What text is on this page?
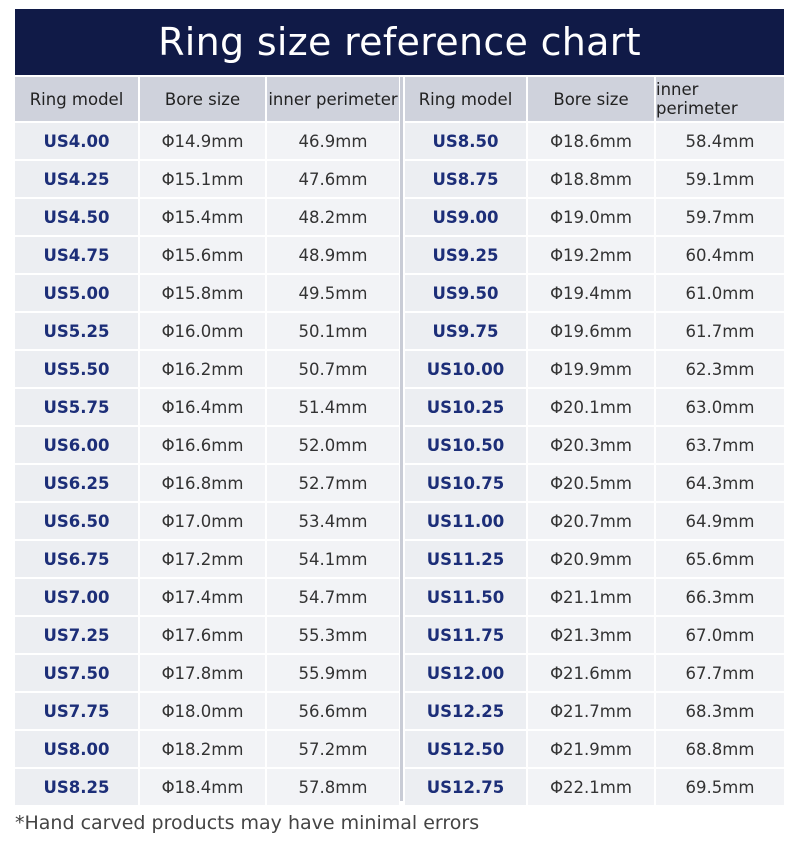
Ring size reference chart
Ring model	Bore size	inner perimeter
US4.00	Φ14.9mm	46.9mm
US4.25	Φ15.1mm	47.6mm
US4.50	Φ15.4mm	48.2mm
US4.75	Φ15.6mm	48.9mm
US5.00	Φ15.8mm	49.5mm
US5.25	Φ16.0mm	50.1mm
US5.50	Φ16.2mm	50.7mm
US5.75	Φ16.4mm	51.4mm
US6.00	Φ16.6mm	52.0mm
US6.25	Φ16.8mm	52.7mm
US6.50	Φ17.0mm	53.4mm
US6.75	Φ17.2mm	54.1mm
US7.00	Φ17.4mm	54.7mm
US7.25	Φ17.6mm	55.3mm
US7.50	Φ17.8mm	55.9mm
US7.75	Φ18.0mm	56.6mm
US8.00	Φ18.2mm	57.2mm
US8.25	Φ18.4mm	57.8mm
Ring model	Bore size	inner perimeter
US8.50	Φ18.6mm	58.4mm
US8.75	Φ18.8mm	59.1mm
US9.00	Φ19.0mm	59.7mm
US9.25	Φ19.2mm	60.4mm
US9.50	Φ19.4mm	61.0mm
US9.75	Φ19.6mm	61.7mm
US10.00	Φ19.9mm	62.3mm
US10.25	Φ20.1mm	63.0mm
US10.50	Φ20.3mm	63.7mm
US10.75	Φ20.5mm	64.3mm
US11.00	Φ20.7mm	64.9mm
US11.25	Φ20.9mm	65.6mm
US11.50	Φ21.1mm	66.3mm
US11.75	Φ21.3mm	67.0mm
US12.00	Φ21.6mm	67.7mm
US12.25	Φ21.7mm	68.3mm
US12.50	Φ21.9mm	68.8mm
US12.75	Φ22.1mm	69.5mm
*Hand carved products may have minimal errors
